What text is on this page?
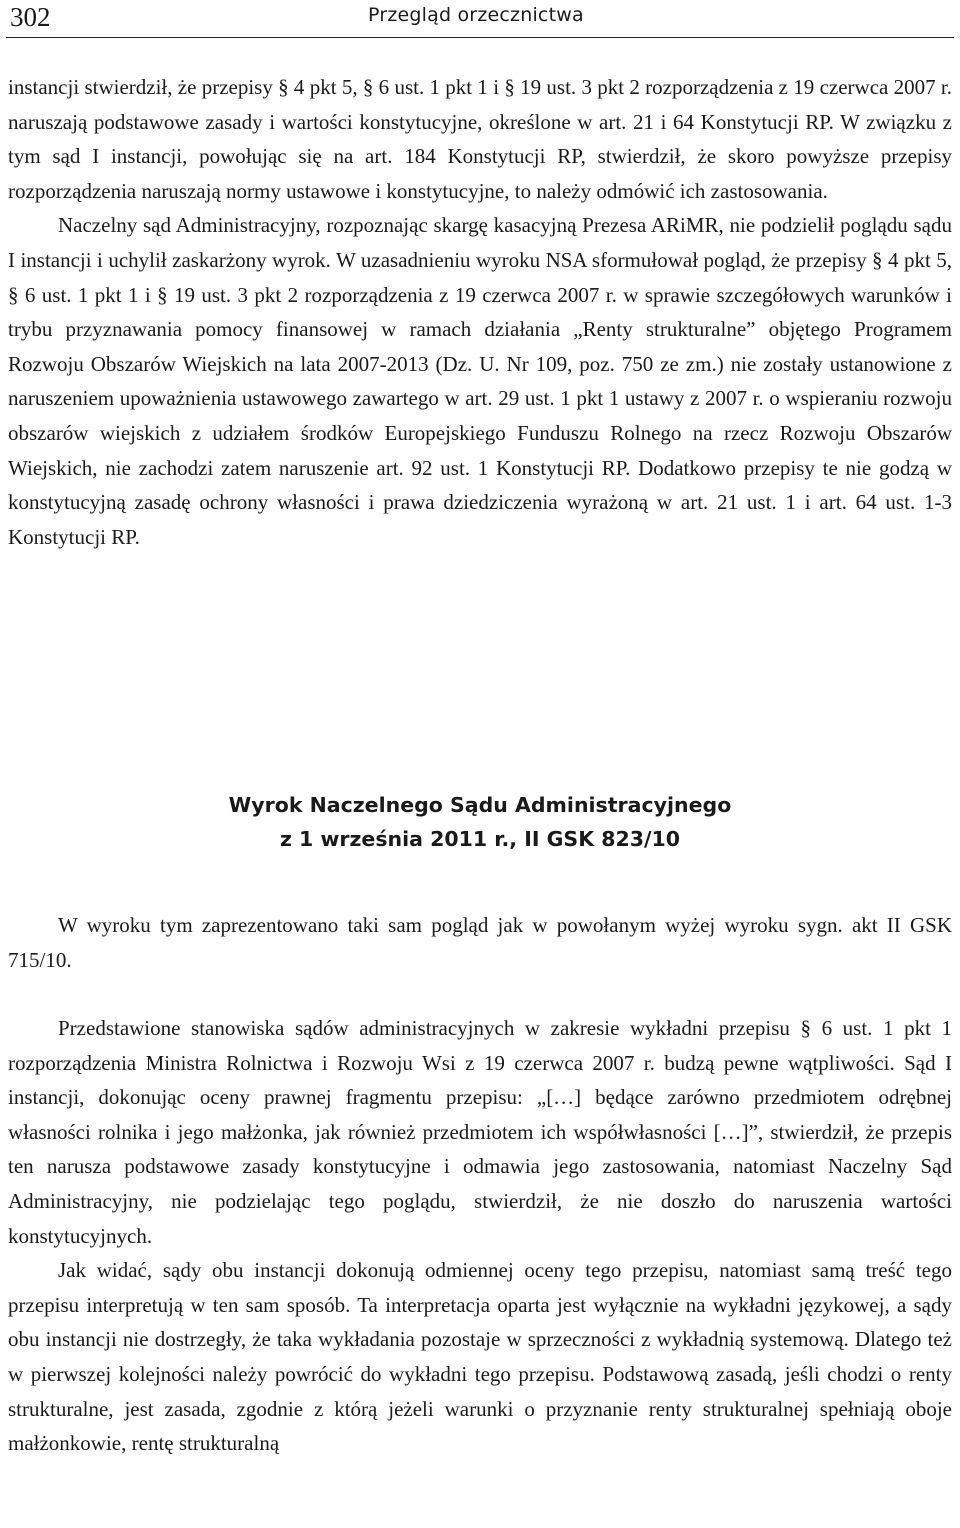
302	Przegląd orzecznictwa

instancji stwierdził, że przepisy § 4 pkt 5, § 6 ust. 1 pkt 1 i § 19 ust. 3 pkt 2 rozporządzenia z 19 czerwca 2007 r. naruszają podstawowe zasady i wartości konstytucyjne, określone w art. 21 i 64 Konstytucji RP. W związku z tym sąd I instancji, powołując się na art. 184 Konstytucji RP, stwierdził, że skoro powyższe przepisy rozporządzenia naruszają normy ustawowe i konstytucyjne, to należy odmówić ich zastosowania.

Naczelny sąd Administracyjny, rozpoznając skargę kasacyjną Prezesa ARiMR, nie podzielił poglądu sądu I instancji i uchylił zaskarżony wyrok. W uzasadnieniu wyroku NSA sformułował pogląd, że przepisy § 4 pkt 5, § 6 ust. 1 pkt 1 i § 19 ust. 3 pkt 2 rozporządzenia z 19 czerwca 2007 r. w sprawie szczegółowych warunków i trybu przyznawania pomocy finansowej w ramach działania „Renty strukturalne” objętego Programem Rozwoju Obszarów Wiejskich na lata 2007-2013 (Dz. U. Nr 109, poz. 750 ze zm.) nie zostały ustanowione z naruszeniem upoważnienia ustawowego zawartego w art. 29 ust. 1 pkt 1 ustawy z 2007 r. o wspieraniu rozwoju obszarów wiejskich z udziałem środków Europejskiego Funduszu Rolnego na rzecz Rozwoju Obszarów Wiejskich, nie zachodzi zatem naruszenie art. 92 ust. 1 Konstytucji RP. Dodatkowo przepisy te nie godzą w konstytucyjną zasadę ochrony własności i prawa dziedziczenia wyrażoną w art. 21 ust. 1 i art. 64 ust. 1-3 Konstytucji RP.

Wyrok Naczelnego Sądu Administracyjnego
z 1 września 2011 r., II GSK 823/10

W wyroku tym zaprezentowano taki sam pogląd jak w powołanym wyżej wyroku sygn. akt II GSK 715/10.

Przedstawione stanowiska sądów administracyjnych w zakresie wykładni przepisu § 6 ust. 1 pkt 1 rozporządzenia Ministra Rolnictwa i Rozwoju Wsi z 19 czerwca 2007 r. budzą pewne wątpliwości. Sąd I instancji, dokonując oceny prawnej fragmentu przepisu: „[…] będące zarówno przedmiotem odrębnej własności rolnika i jego małżonka, jak również przedmiotem ich współwłasności […]”, stwierdził, że przepis ten narusza podstawowe zasady konstytucyjne i odmawia jego zastosowania, natomiast Naczelny Sąd Administracyjny, nie podzielając tego poglądu, stwierdził, że nie doszło do naruszenia wartości konstytucyjnych.

Jak widać, sądy obu instancji dokonują odmiennej oceny tego przepisu, natomiast samą treść tego przepisu interpretują w ten sam sposób. Ta interpretacja oparta jest wyłącznie na wykładni językowej, a sądy obu instancji nie dostrzegły, że taka wykładania pozostaje w sprzeczności z wykładnią systemową. Dlatego też w pierwszej kolejności należy powrócić do wykładni tego przepisu. Podstawową zasadą, jeśli chodzi o renty strukturalne, jest zasada, zgodnie z którą jeżeli warunki o przyznanie renty strukturalnej spełniają oboje małżonkowie, rentę strukturalną
